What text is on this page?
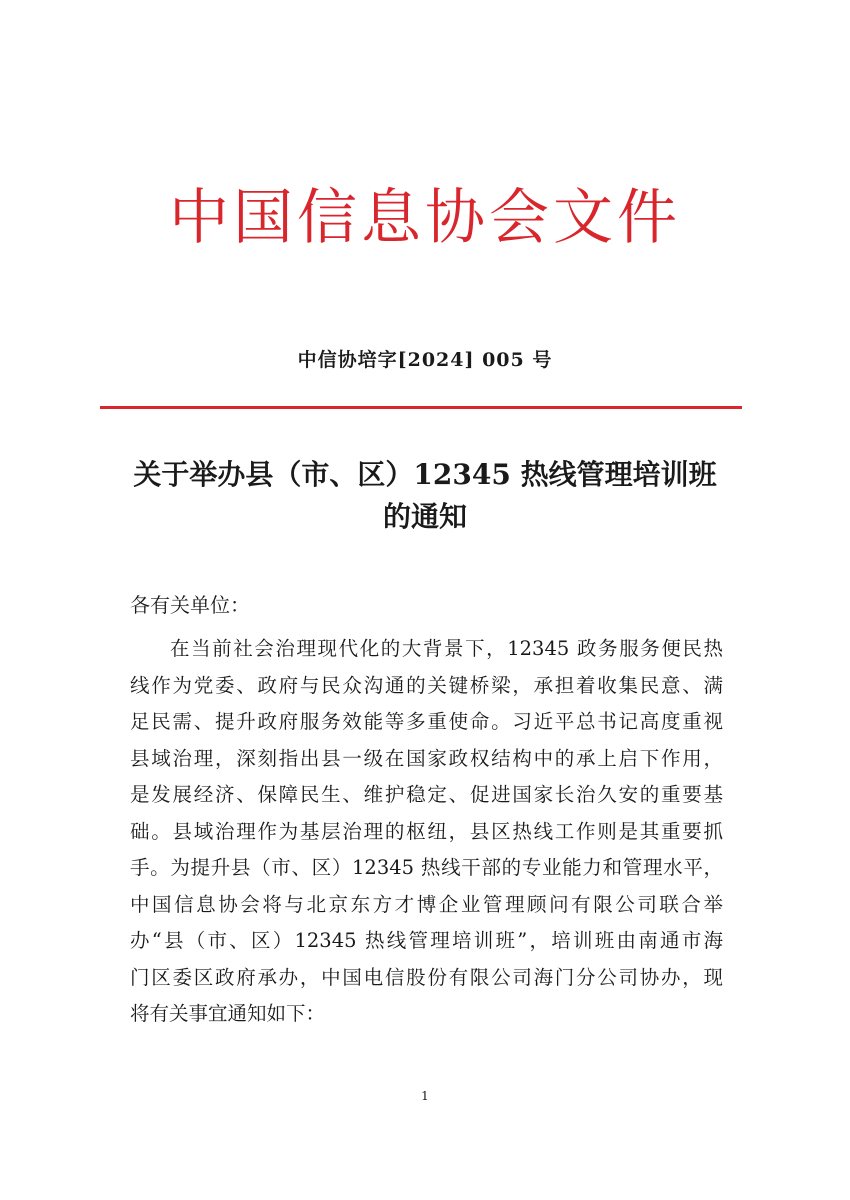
中国信息协会文件
中信协培字[2024] 005 号
关于举办县（市、区）12345 热线管理培训班
的通知
各有关单位：
在当前社会治理现代化的大背景下，12345 政务服务便民热
线作为党委、政府与民众沟通的关键桥梁，承担着收集民意、满
足民需、提升政府服务效能等多重使命。习近平总书记高度重视
县域治理，深刻指出县一级在国家政权结构中的承上启下作用，
是发展经济、保障民生、维护稳定、促进国家长治久安的重要基
础。县域治理作为基层治理的枢纽，县区热线工作则是其重要抓
手。为提升县（市、区）12345 热线干部的专业能力和管理水平，
中国信息协会将与北京东方才博企业管理顾问有限公司联合举
办“县（市、区）12345 热线管理培训班”，培训班由南通市海
门区委区政府承办，中国电信股份有限公司海门分公司协办，现
将有关事宜通知如下：
1
